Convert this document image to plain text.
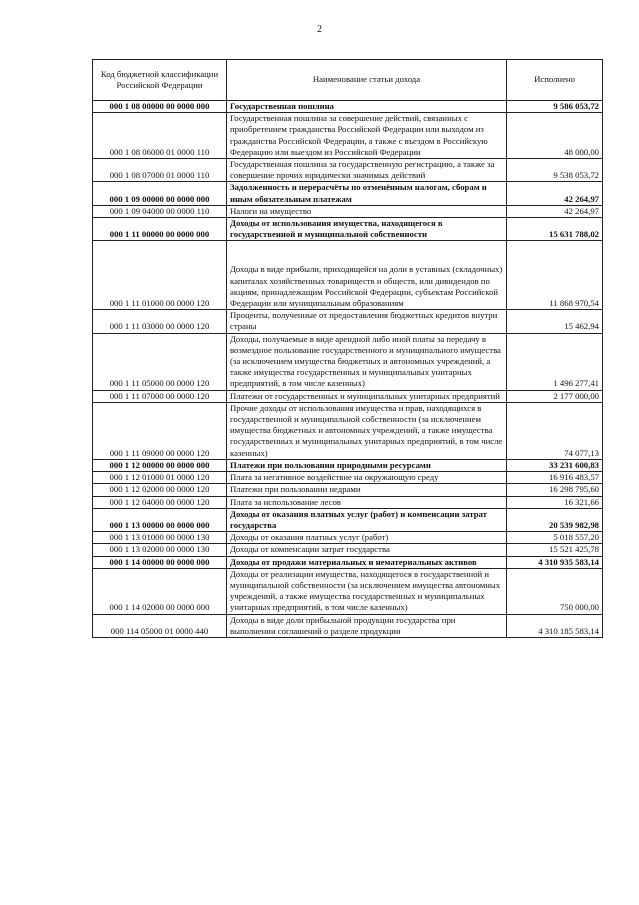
2
Код бюджетной классификации Российской Федерации	Наименование статьи дохода	Исполнено
000 1 08 00000 00 0000 000	Государственная пошлина	9 586 053,72
000 1 08 06000 01 0000 110	Государственная пошлина за совершение действий, связанных с приобретением гражданства Российской Федерации или выходом из гражданства Российской Федерации, а также с въездом в Российскую Федерацию или выездом из Российской Федерации	48 000,00
000 1 08 07000 01 0000 110	Государственная пошлина за государственную регистрацию, а также за совершение прочих юридически значимых действий	9 538 053,72
000 1 09 00000 00 0000 000	Задолженность и перерасчёты по отменённым налогам, сборам и иным обязательным платежам	42 264,97
000 1 09 04000 00 0000 110	Налоги на имущество	42 264,97
000 1 11 00000 00 0000 000	Доходы от использования имущества, находящегося в государственной и муниципальной собственности	15 631 788,02
000 1 11 01000 00 0000 120	Доходы в виде прибыли, приходящейся на доли в уставных (складочных) капиталах хозяйственных товариществ и обществ, или дивидендов по акциям, принадлежащим Российской Федерации, субъектам Российской Федерации или муниципальным образованиям	11 868 970,54
000 1 11 03000 00 0000 120	Проценты, полученные от предоставления бюджетных кредитов внутри страны	15 462,94
000 1 11 05000 00 0000 120	Доходы, получаемые в виде арендной либо иной платы за передачу в возмездное пользование государственного и муниципального имущества (за исключением имущества бюджетных и автономных учреждений, а также имущества государственных и муниципальных унитарных предприятий, в том числе казенных)	1 496 277,41
000 1 11 07000 00 0000 120	Платежи от государственных и муниципальных унитарных предприятий	2 177 000,00
000 1 11 09000 00 0000 120	Прочие доходы от использования имущества и прав, находящихся в государственной и муниципальной собственности (за исключением имущества бюджетных и автономных учреждений, а также имущества государственных и муниципальных унитарных предприятий, в том числе казенных)	74 077,13
000 1 12 00000 00 0000 000	Платежи при пользовании природными ресурсами	33 231 600,83
000 1 12 01000 01 0000 120	Плата за негативное воздействие на окружающую среду	16 916 483,57
000 1 12 02000 00 0000 120	Платежи при пользовании недрами	16 298 795,60
000 1 12 04000 00 0000 120	Плата за использование лесов	16 321,66
000 1 13 00000 00 0000 000	Доходы от оказания платных услуг (работ) и компенсации затрат государства	20 539 982,98
000 1 13 01000 00 0000 130	Доходы от оказания платных услуг (работ)	5 018 557,20
000 1 13 02000 00 0000 130	Доходы от компенсации затрат государства	15 521 425,78
000 1 14 00000 00 0000 000	Доходы от продажи материальных и нематериальных активов	4 310 935 583,14
000 1 14 02000 00 0000 000	Доходы от реализации имущества, находящегося в государственной и муниципальной собственности (за исключением имущества автономных учреждений, а также имущества государственных и муниципальных унитарных предприятий, в том числе казенных)	750 000,00
000 114 05000 01 0000 440	Доходы в виде доли прибыльной продукции государства при выполнении соглашений о разделе продукции	4 310 185 583,14
